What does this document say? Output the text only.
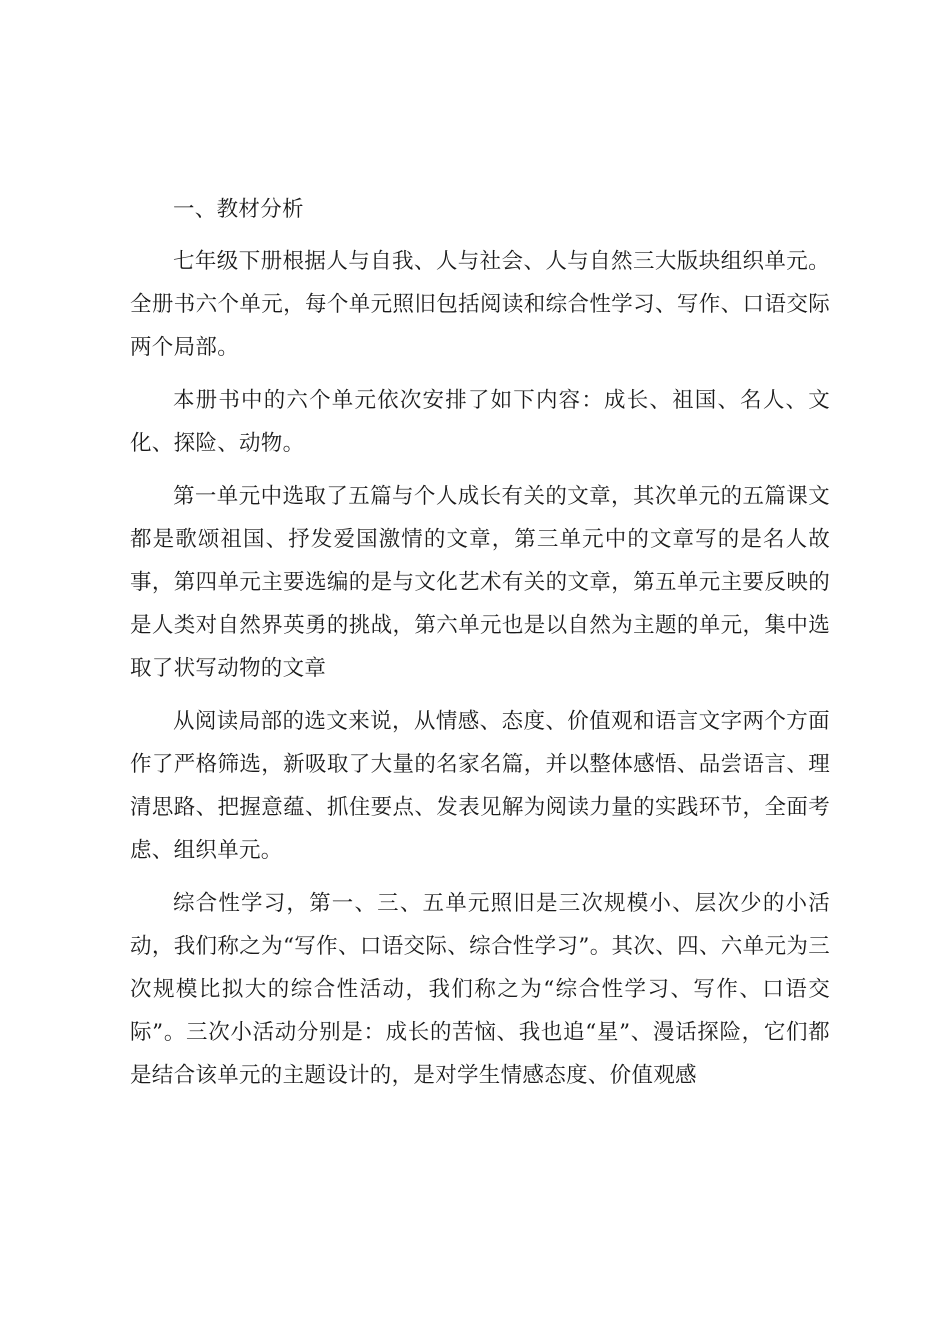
一、教材分析

七年级下册根据人与自我、人与社会、人与自然三大版块组织单元。全册书六个单元，每个单元照旧包括阅读和综合性学习、写作、口语交际两个局部。

本册书中的六个单元依次安排了如下内容：成长、祖国、名人、文化、探险、动物。

第一单元中选取了五篇与个人成长有关的文章，其次单元的五篇课文都是歌颂祖国、抒发爱国激情的文章，第三单元中的文章写的是名人故事，第四单元主要选编的是与文化艺术有关的文章，第五单元主要反映的是人类对自然界英勇的挑战，第六单元也是以自然为主题的单元，集中选取了状写动物的文章

从阅读局部的选文来说，从情感、态度、价值观和语言文字两个方面作了严格筛选，新吸取了大量的名家名篇，并以整体感悟、品尝语言、理清思路、把握意蕴、抓住要点、发表见解为阅读力量的实践环节，全面考虑、组织单元。

综合性学习，第一、三、五单元照旧是三次规模小、层次少的小活动，我们称之为“写作、口语交际、综合性学习”。其次、四、六单元为三次规模比拟大的综合性活动，我们称之为“综合性学习、写作、口语交际”。三次小活动分别是：成长的苦恼、我也追“星”、漫话探险，它们都是结合该单元的主题设计的，是对学生情感态度、价值观感
